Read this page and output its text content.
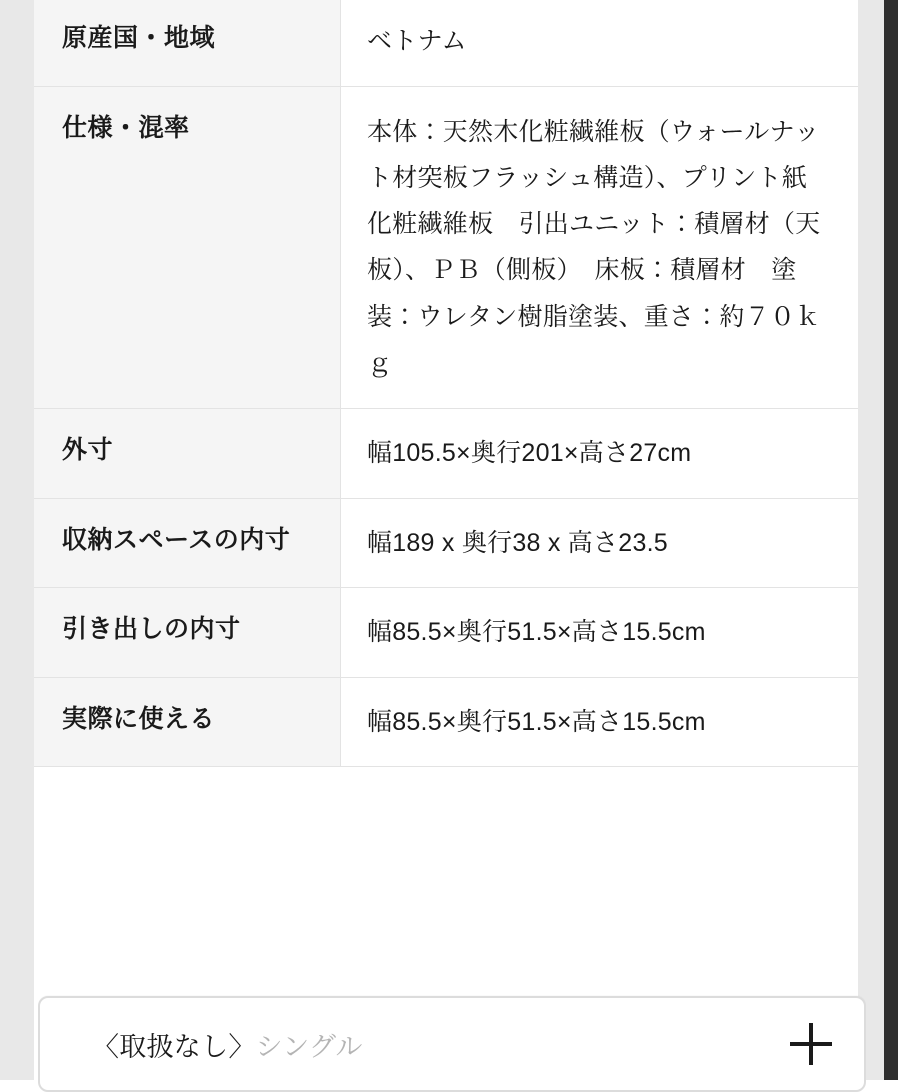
原産国・地域	ベトナム
仕様・混率	本体：天然木化粧繊維板（ウォールナット材突板フラッシュ構造）、プリント紙化粧繊維板　引出ユニット：積層材（天板）、ＰＢ（側板）　床板：積層材　塗装：ウレタン樹脂塗装、重さ：約７０ｋｇ
外寸	幅105.5×奥行201×高さ27cm
収納スペースの内寸	幅189 x 奥行38 x 高さ23.5
引き出しの内寸	幅85.5×奥行51.5×高さ15.5cm
実際に使える	幅85.5×奥行51.5×高さ15.5cm
〈取扱なし〉シングル
